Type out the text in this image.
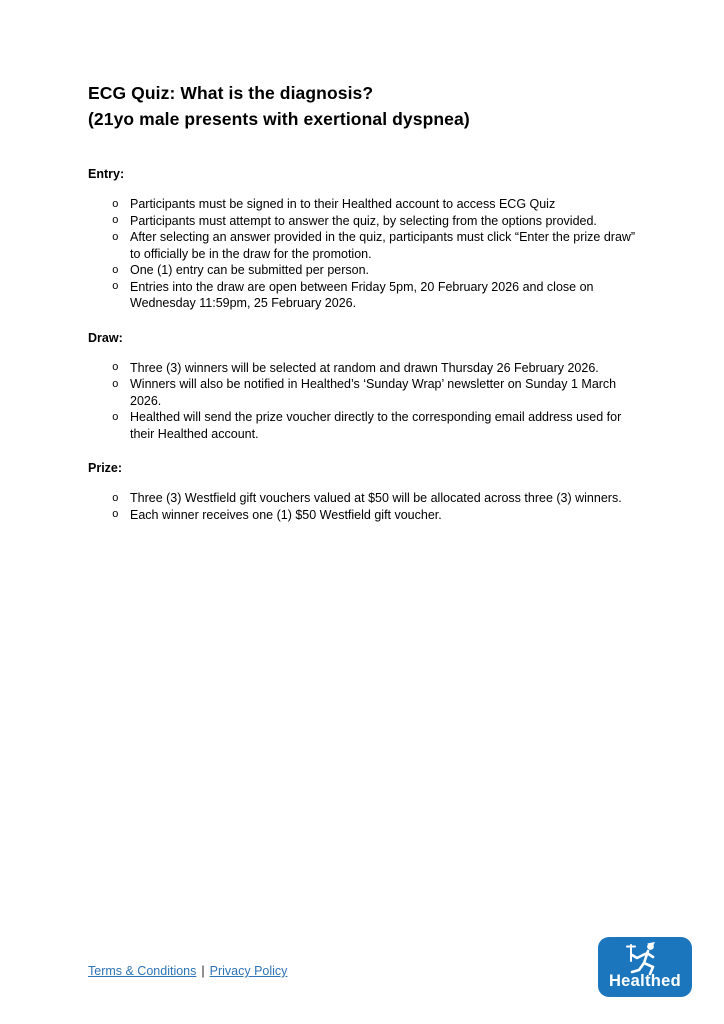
ECG Quiz: What is the diagnosis?
(21yo male presents with exertional dyspnea)
Entry:
o Participants must be signed in to their Healthed account to access ECG Quiz
o Participants must attempt to answer the quiz, by selecting from the options provided.
o After selecting an answer provided in the quiz, participants must click “Enter the prize draw” to officially be in the draw for the promotion.
o One (1) entry can be submitted per person.
o Entries into the draw are open between Friday 5pm, 20 February 2026 and close on Wednesday 11:59pm, 25 February 2026.
Draw:
o Three (3) winners will be selected at random and drawn Thursday 26 February 2026.
o Winners will also be notified in Healthed’s ‘Sunday Wrap’ newsletter on Sunday 1 March 2026.
o Healthed will send the prize voucher directly to the corresponding email address used for their Healthed account.
Prize:
o Three (3) Westfield gift vouchers valued at $50 will be allocated across three (3) winners.
o Each winner receives one (1) $50 Westfield gift voucher.
Terms & Conditions | Privacy Policy
Healthed
